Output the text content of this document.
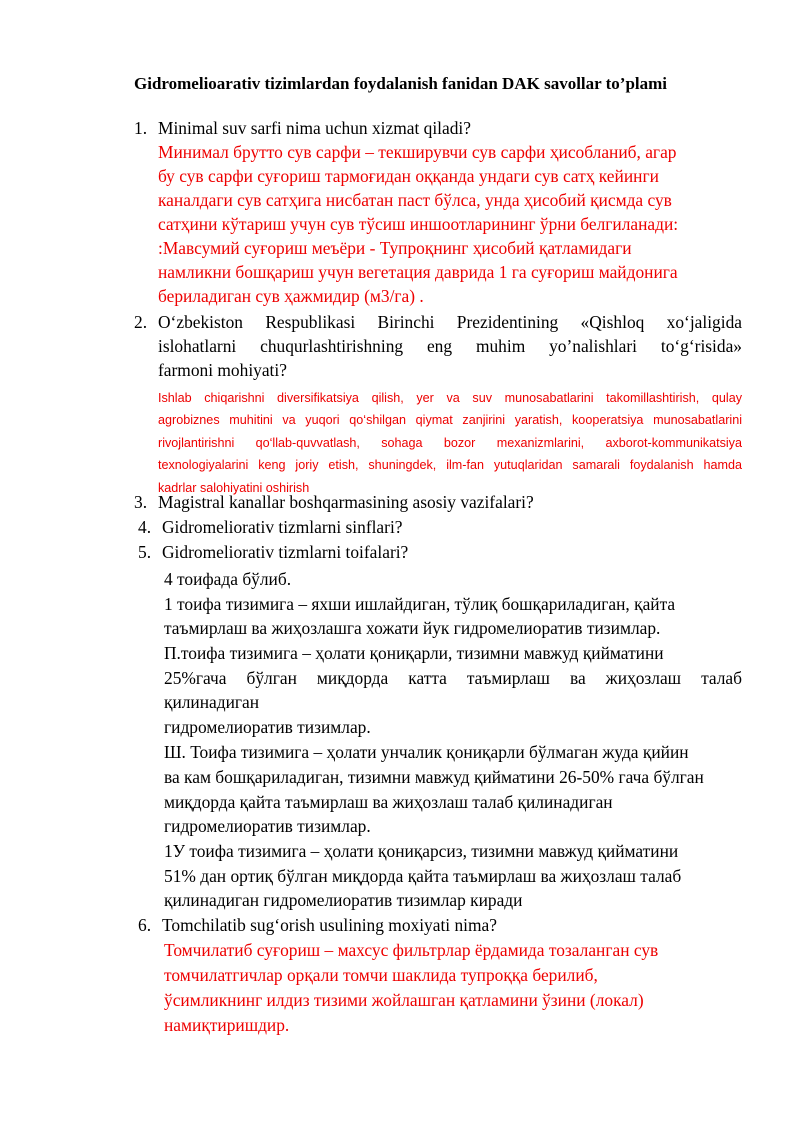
Gidromelioarativ tizimlardan foydalanish fanidan DAK savollar to’plami
1. Minimal suv sarfi nima uchun xizmat qiladi?
Минимал брутто сув сарфи – текширувчи сув сарфи ҳисобланиб, агар
бу сув сарфи суғориш тармоғидан оққанда ундаги сув сатҳ кейинги
каналдаги сув сатҳига нисбатан паст бўлса, унда ҳисобий қисмда сув
сатҳини кўтариш учун сув тўсиш иншоотларининг ўрни белгиланади:
:Мавсумий суғориш меъёри - Тупроқнинг ҳисобий қатламидаги
намликни бошқариш учун вегетация даврида 1 га суғориш майдонига
бериладиган сув ҳажмидир (м3/га) .
2. O‘zbekiston Respublikasi Birinchi Prezidentining «Qishloq xo‘jaligida
islohatlarni chuqurlashtirishning eng muhim yo’nalishlari to‘g‘risida»
farmoni mohiyati?
Ishlab chiqarishni diversifikatsiya qilish, yer va suv munosabatlarini takomillashtirish, qulay
agrobiznes muhitini va yuqori qo‘shilgan qiymat zanjirini yaratish, kooperatsiya munosabatlarini
rivojlantirishni qo‘llab-quvvatlash, sohaga bozor mexanizmlarini, axborot-kommunikatsiya
texnologiyalarini keng joriy etish, shuningdek, ilm-fan yutuqlaridan samarali foydalanish hamda
kadrlar salohiyatini oshirish
3. Magistral kanallar boshqarmasining asosiy vazifalari?
4. Gidromeliorativ tizmlarni sinflari?
5. Gidromeliorativ tizmlarni toifalari?
4 тоифада бўлиб.
1 тоифа тизимига – яхши ишлайдиган, тўлиқ бошқариладиган, қайта
таъмирлаш ва жиҳозлашга хожати йук гидромелиоратив тизимлар.
П.тоифа тизимига – ҳолати қониқарли, тизимни мавжуд қийматини
25%гача бўлган миқдорда катта таъмирлаш ва жиҳозлаш талаб
қилинадиган
гидромелиоратив тизимлар.
Ш. Тоифа тизимига – ҳолати унчалик қониқарли бўлмаган жуда қийин
ва кам бошқариладиган, тизимни мавжуд қийматини 26-50% гача бўлган
миқдорда қайта таъмирлаш ва жиҳозлаш талаб қилинадиган
гидромелиоратив тизимлар.
1У тоифа тизимига – ҳолати қониқарсиз, тизимни мавжуд қийматини
51% дан ортиқ бўлган миқдорда қайта таъмирлаш ва жиҳозлаш талаб
қилинадиган гидромелиоратив тизимлар киради
6. Tomchilatib sug‘orish usulining moxiyati nima?
Томчилатиб суғориш – махсус фильтрлар ёрдамида тозаланган сув
томчилатгичлар орқали томчи шаклида тупроққа берилиб,
ўсимликнинг илдиз тизими жойлашган қатламини ўзини (локал)
намиқтиришдир.
